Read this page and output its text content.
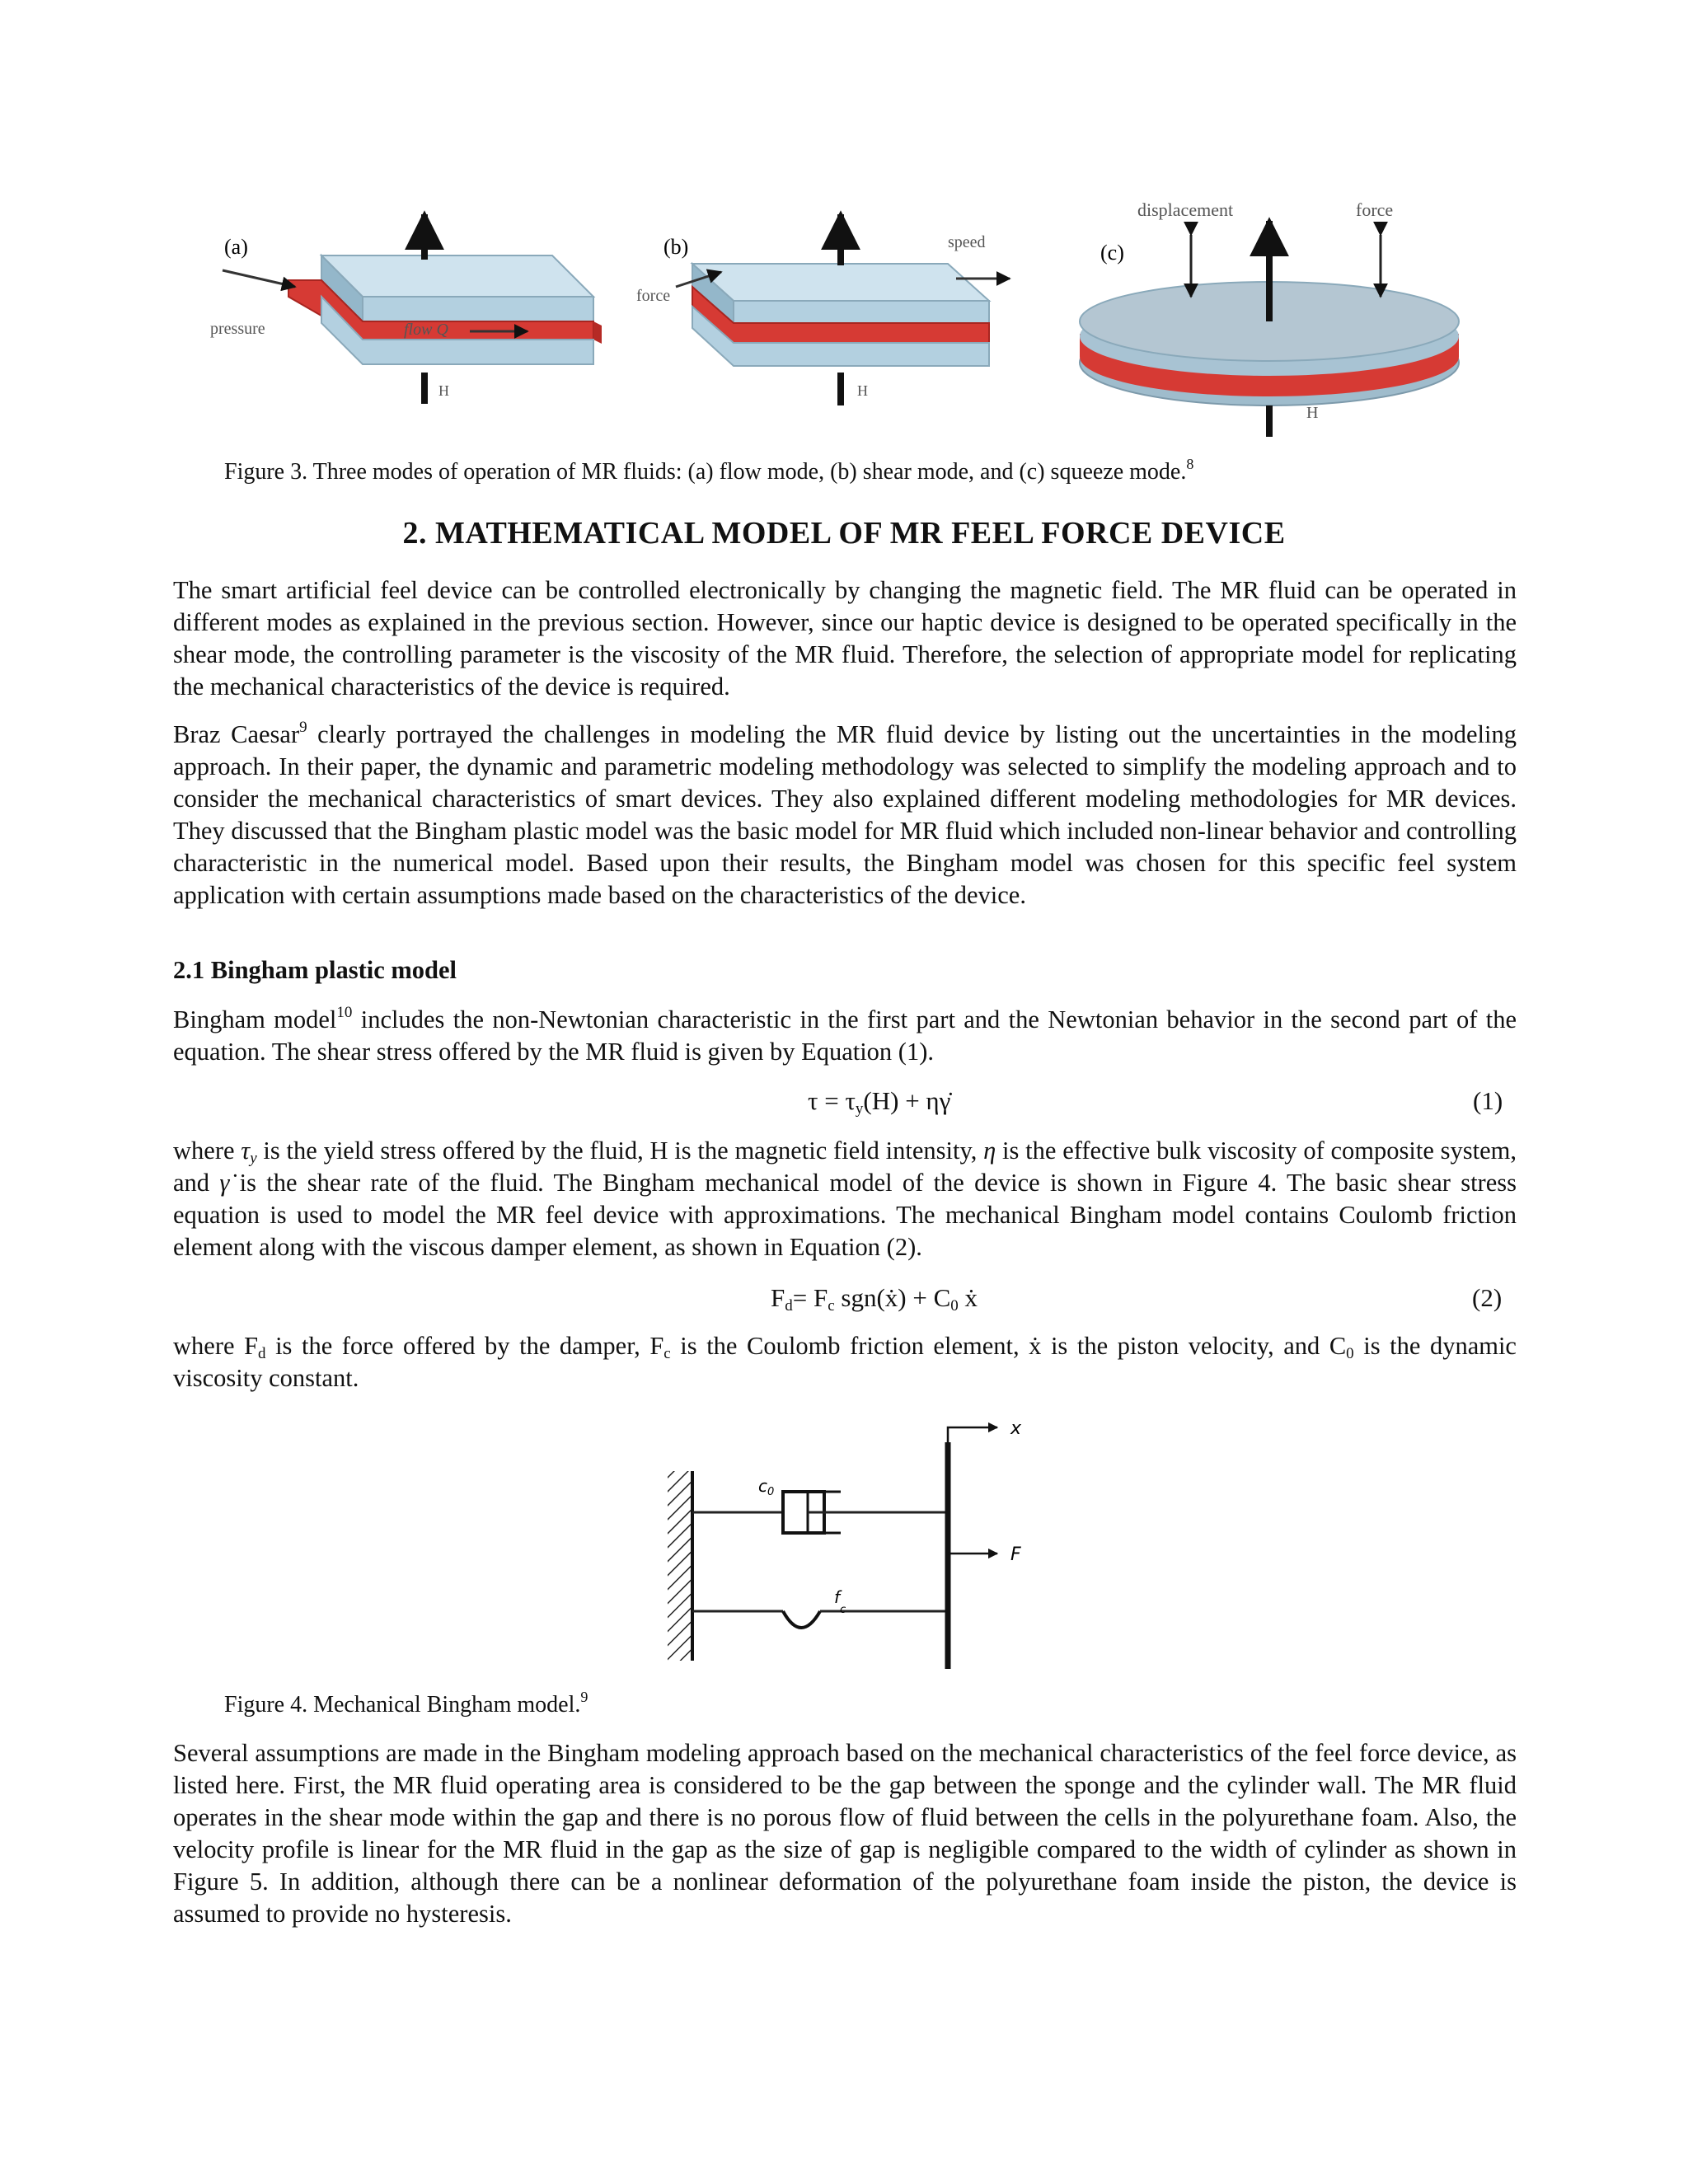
(a)
pressure	flow Q
H
(b)
force
speed
H
(c)
displacement	force
H
Figure 3. Three modes of operation of MR fluids: (a) flow mode, (b) shear mode, and (c) squeeze mode.$^8$
2. MATHEMATICAL MODEL OF MR FEEL FORCE DEVICE
The smart artificial feel device can be controlled electronically by changing the magnetic field. The MR fluid can be operated in different modes as explained in the previous section. However, since our haptic device is designed to be operated specifically in the shear mode, the controlling parameter is the viscosity of the MR fluid. Therefore, the selection of appropriate model for replicating the mechanical characteristics of the device is required.
Braz Caesar$^9$ clearly portrayed the challenges in modeling the MR fluid device by listing out the uncertainties in the modeling approach. In their paper, the dynamic and parametric modeling methodology was selected to simplify the modeling approach and to consider the mechanical characteristics of smart devices. They also explained different modeling methodologies for MR devices. They discussed that the Bingham plastic model was the basic model for MR fluid which included non-linear behavior and controlling characteristic in the numerical model. Based upon their results, the Bingham model was chosen for this specific feel system application with certain assumptions made based on the characteristics of the device.
2.1 Bingham plastic model
Bingham model$^{10}$ includes the non-Newtonian characteristic in the first part and the Newtonian behavior in the second part of the equation. The shear stress offered by the MR fluid is given by Equation (1).
$\tau = \tau_y(H)$ + ηγ̇	(1)
where $\tau_y$ is the yield stress offered by the fluid, H is the magnetic field intensity, η is the effective bulk viscosity of composite system, and γ̇ is the shear rate of the fluid. The Bingham mechanical model of the device is shown in Figure 4. The basic shear stress equation is used to model the MR feel device with approximations. The mechanical Bingham model contains Coulomb friction element along with the viscous damper element, as shown in Equation (2).
$F_d= F_c$ sgn(ẋ) + $C_0$ ẋ	(2)
where $F_d$ is the force offered by the damper, $F_c$ is the Coulomb friction element, ẋ is the piston velocity, and $C_0$ is the dynamic viscosity constant.
$c_0$
$f_c$
x
F
Figure 4. Mechanical Bingham model.$^9$
Several assumptions are made in the Bingham modeling approach based on the mechanical characteristics of the feel force device, as listed here. First, the MR fluid operating area is considered to be the gap between the sponge and the cylinder wall. The MR fluid operates in the shear mode within the gap and there is no porous flow of fluid between the cells in the polyurethane foam. Also, the velocity profile is linear for the MR fluid in the gap as the size of gap is negligible compared to the width of cylinder as shown in Figure 5. In addition, although there can be a nonlinear deformation of the polyurethane foam inside the piston, the device is assumed to provide no hysteresis.
